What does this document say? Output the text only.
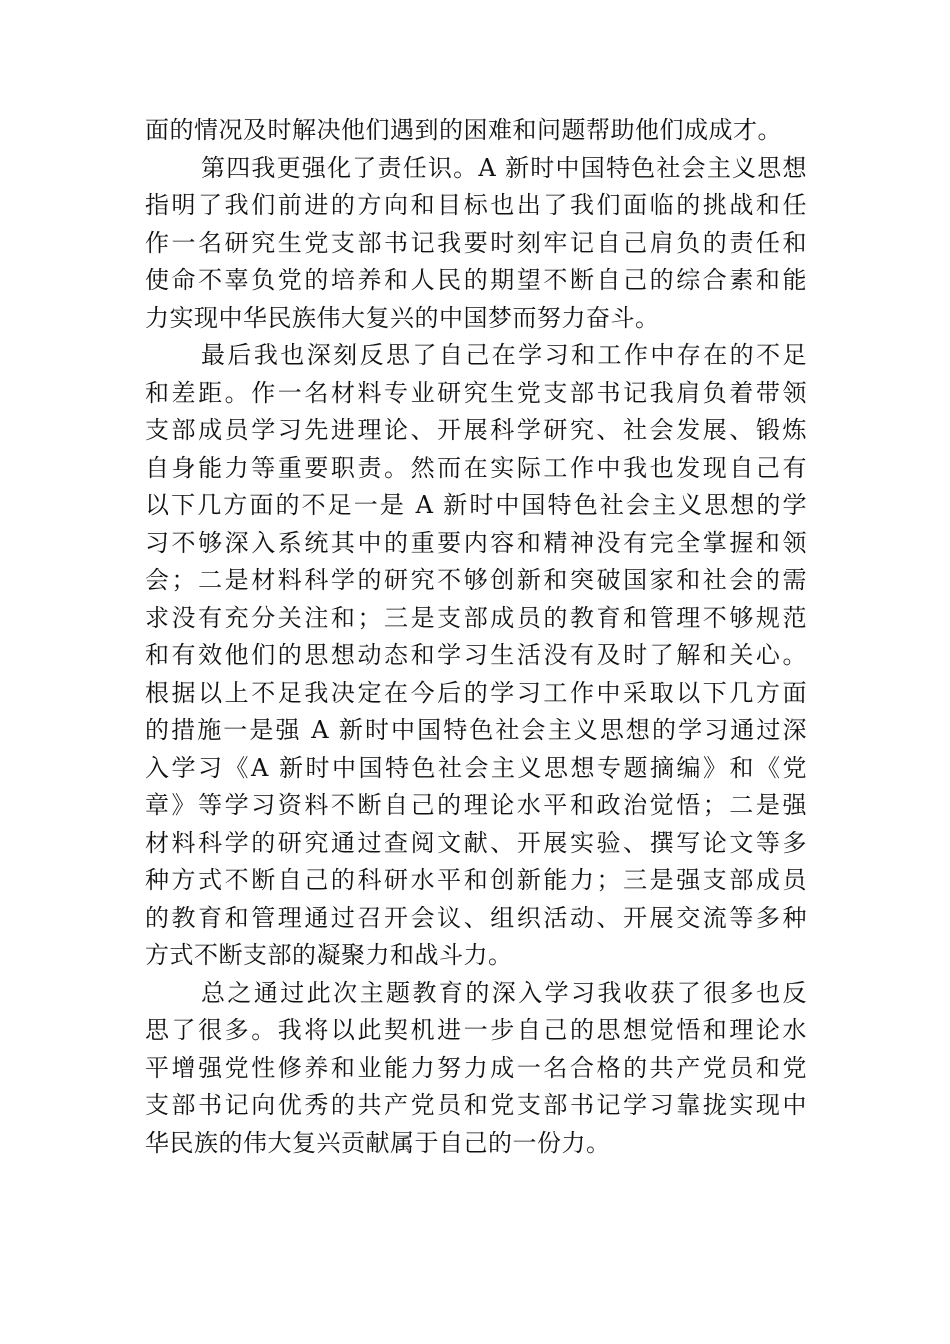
面的情况及时解决他们遇到的困难和问题帮助他们成成才。
第四我更强化了责任识。A 新时中国特色社会主义思想
指明了我们前进的方向和目标也出了我们面临的挑战和任
作一名研究生党支部书记我要时刻牢记自己肩负的责任和
使命不辜负党的培养和人民的期望不断自己的综合素和能
力实现中华民族伟大复兴的中国梦而努力奋斗。
最后我也深刻反思了自己在学习和工作中存在的不足
和差距。作一名材料专业研究生党支部书记我肩负着带领
支部成员学习先进理论、开展科学研究、社会发展、锻炼
自身能力等重要职责。然而在实际工作中我也发现自己有
以下几方面的不足一是 A 新时中国特色社会主义思想的学
习不够深入系统其中的重要内容和精神没有完全掌握和领
会；二是材料科学的研究不够创新和突破国家和社会的需
求没有充分关注和；三是支部成员的教育和管理不够规范
和有效他们的思想动态和学习生活没有及时了解和关心。
根据以上不足我决定在今后的学习工作中采取以下几方面
的措施一是强 A 新时中国特色社会主义思想的学习通过深
入学习《A 新时中国特色社会主义思想专题摘编》和《党
章》等学习资料不断自己的理论水平和政治觉悟；二是强
材料科学的研究通过查阅文献、开展实验、撰写论文等多
种方式不断自己的科研水平和创新能力；三是强支部成员
的教育和管理通过召开会议、组织活动、开展交流等多种
方式不断支部的凝聚力和战斗力。
总之通过此次主题教育的深入学习我收获了很多也反
思了很多。我将以此契机进一步自己的思想觉悟和理论水
平增强党性修养和业能力努力成一名合格的共产党员和党
支部书记向优秀的共产党员和党支部书记学习靠拢实现中
华民族的伟大复兴贡献属于自己的一份力。
